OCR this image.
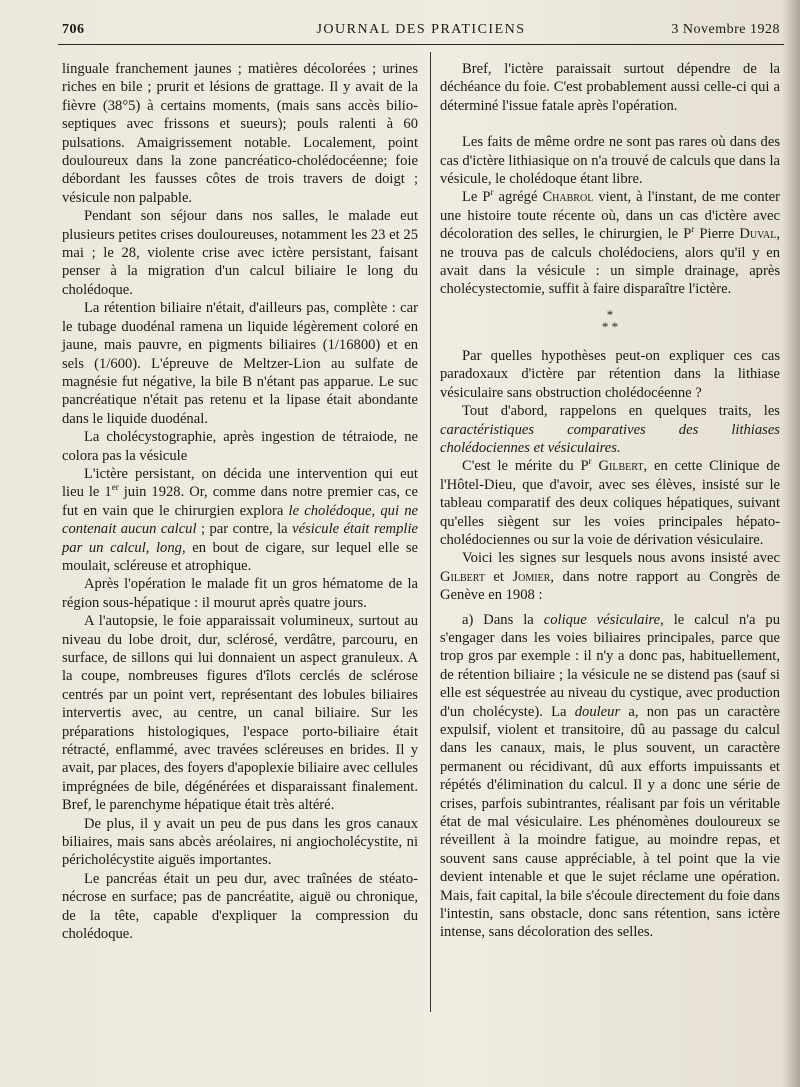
706	JOURNAL DES PRATICIENS	3 Novembre 1928

linguale franchement jaunes ; matières décolorées ; urines riches en bile ; prurit et lésions de grattage. Il y avait de la fièvre (38°5) à certains moments, (mais sans accès bilio-septiques avec frissons et sueurs); pouls ralenti à 60 pulsations. Amaigrissement notable. Localement, point douloureux dans la zone pancréatico-cholédocéenne; foie débordant les fausses côtes de trois travers de doigt ; vésicule non palpable.

Pendant son séjour dans nos salles, le malade eut plusieurs petites crises douloureuses, notamment les 23 et 25 mai ; le 28, violente crise avec ictère persistant, faisant penser à la migration d'un calcul biliaire le long du cholédoque.

La rétention biliaire n'était, d'ailleurs pas, complète : car le tubage duodénal ramena un liquide légèrement coloré en jaune, mais pauvre, en pigments biliaires (1/16800) et en sels (1/600). L'épreuve de Meltzer-Lion au sulfate de magnésie fut négative, la bile B n'étant pas apparue. Le suc pancréatique n'était pas retenu et la lipase était abondante dans le liquide duodénal.

La cholécystographie, après ingestion de tétraiode, ne colora pas la vésicule

L'ictère persistant, on décida une intervention qui eut lieu le 1er juin 1928. Or, comme dans notre premier cas, ce fut en vain que le chirurgien explora le cholédoque, qui ne contenait aucun calcul ; par contre, la vésicule était remplie par un calcul, long, en bout de cigare, sur lequel elle se moulait, scléreuse et atrophique.

Après l'opération le malade fit un gros hématome de la région sous-hépatique : il mourut après quatre jours.

A l'autopsie, le foie apparaissait volumineux, surtout au niveau du lobe droit, dur, sclérosé, verdâtre, parcouru, en surface, de sillons qui lui donnaient un aspect granuleux. A la coupe, nombreuses figures d'îlots cerclés de sclérose centrés par un point vert, représentant des lobules biliaires intervertis avec, au centre, un canal biliaire. Sur les préparations histologiques, l'espace porto-biliaire était rétracté, enflammé, avec travées scléreuses en brides. Il y avait, par places, des foyers d'apoplexie biliaire avec cellules imprégnées de bile, dégénérées et disparaissant finalement. Bref, le parenchyme hépatique était très altéré.

De plus, il y avait un peu de pus dans les gros canaux biliaires, mais sans abcès aréolaires, ni angiocholécystite, ni péricholécystite aiguës importantes.

Le pancréas était un peu dur, avec traînées de stéato-nécrose en surface; pas de pancréatite, aiguë ou chronique, de la tête, capable d'expliquer la compression du cholédoque.

Bref, l'ictère paraissait surtout dépendre de la déchéance du foie. C'est probablement aussi celle-ci qui a déterminé l'issue fatale après l'opération.

Les faits de même ordre ne sont pas rares où dans des cas d'ictère lithiasique on n'a trouvé de calculs que dans la vésicule, le cholédoque étant libre.

Le $P^r$ agrégé Chabrol vient, à l'instant, de me conter une histoire toute récente où, dans un cas d'ictère avec décoloration des selles, le chirurgien, le $P^r$ Pierre Duval, ne trouva pas de calculs cholédociens, alors qu'il y en avait dans la vésicule : un simple drainage, après cholécystectomie, suffit à faire disparaître l'ictère.

*
* *

Par quelles hypothèses peut-on expliquer ces cas paradoxaux d'ictère par rétention dans la lithiase vésiculaire sans obstruction cholédocéenne ?

Tout d'abord, rappelons en quelques traits, les caractéristiques comparatives des lithiases cholédociennes et vésiculaires.

C'est le mérite du $P^r$ Gilbert, en cette Clinique de l'Hôtel-Dieu, que d'avoir, avec ses élèves, insisté sur le tableau comparatif des deux coliques hépatiques, suivant qu'elles siègent sur les voies principales hépato-cholédociennes ou sur la voie de dérivation vésiculaire.

Voici les signes sur lesquels nous avons insisté avec Gilbert et Jomier, dans notre rapport au Congrès de Genève en 1908 :

a) Dans la colique vésiculaire, le calcul n'a pu s'engager dans les voies biliaires principales, parce que trop gros par exemple : il n'y a donc pas, habituellement, de rétention biliaire ; la vésicule ne se distend pas (sauf si elle est séquestrée au niveau du cystique, avec production d'un cholécyste). La douleur a, non pas un caractère expulsif, violent et transitoire, dû au passage du calcul dans les canaux, mais, le plus souvent, un caractère permanent ou récidivant, dû aux efforts impuissants et répétés d'élimination du calcul. Il y a donc une série de crises, parfois subintrantes, réalisant par fois un véritable état de mal vésiculaire. Les phénomènes douloureux se réveillent à la moindre fatigue, au moindre repas, et souvent sans cause appréciable, à tel point que la vie devient intenable et que le sujet réclame une opération. Mais, fait capital, la bile s'écoule directement du foie dans l'intestin, sans obstacle, donc sans rétention, sans ictère intense, sans décoloration des selles.
